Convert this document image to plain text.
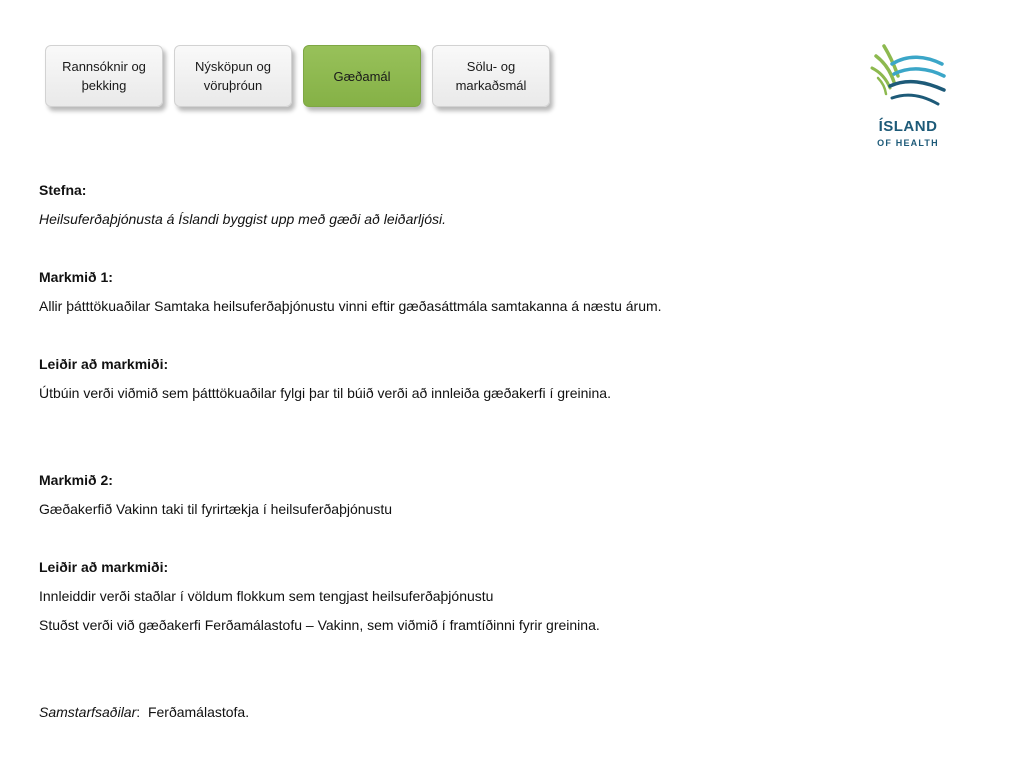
Rannsóknir og
þekking
Nýsköpun og
vöruþróun
Gæðamál
Sölu- og
markaðsmál
ÍSLAND
OF HEALTH
Stefna:
Heilsuferðaþjónusta á Íslandi byggist upp með gæði að leiðarljósi.
Markmið 1:
Allir þátttökuaðilar Samtaka heilsuferðaþjónustu vinni eftir gæðasáttmála samtakanna á næstu árum.
Leiðir að markmiði:
Útbúin verði viðmið sem þátttökuaðilar fylgi þar til búið verði að innleiða gæðakerfi í greinina.
Markmið 2:
Gæðakerfið Vakinn taki til fyrirtækja í heilsuferðaþjónustu
Leiðir að markmiði:
Innleiddir verði staðlar í völdum flokkum sem tengjast heilsuferðaþjónustu
Stuðst verði við gæðakerfi Ferðamálastofu – Vakinn, sem viðmið í framtíðinni fyrir greinina.
Samstarfsaðilar: Ferðamálastofa.
